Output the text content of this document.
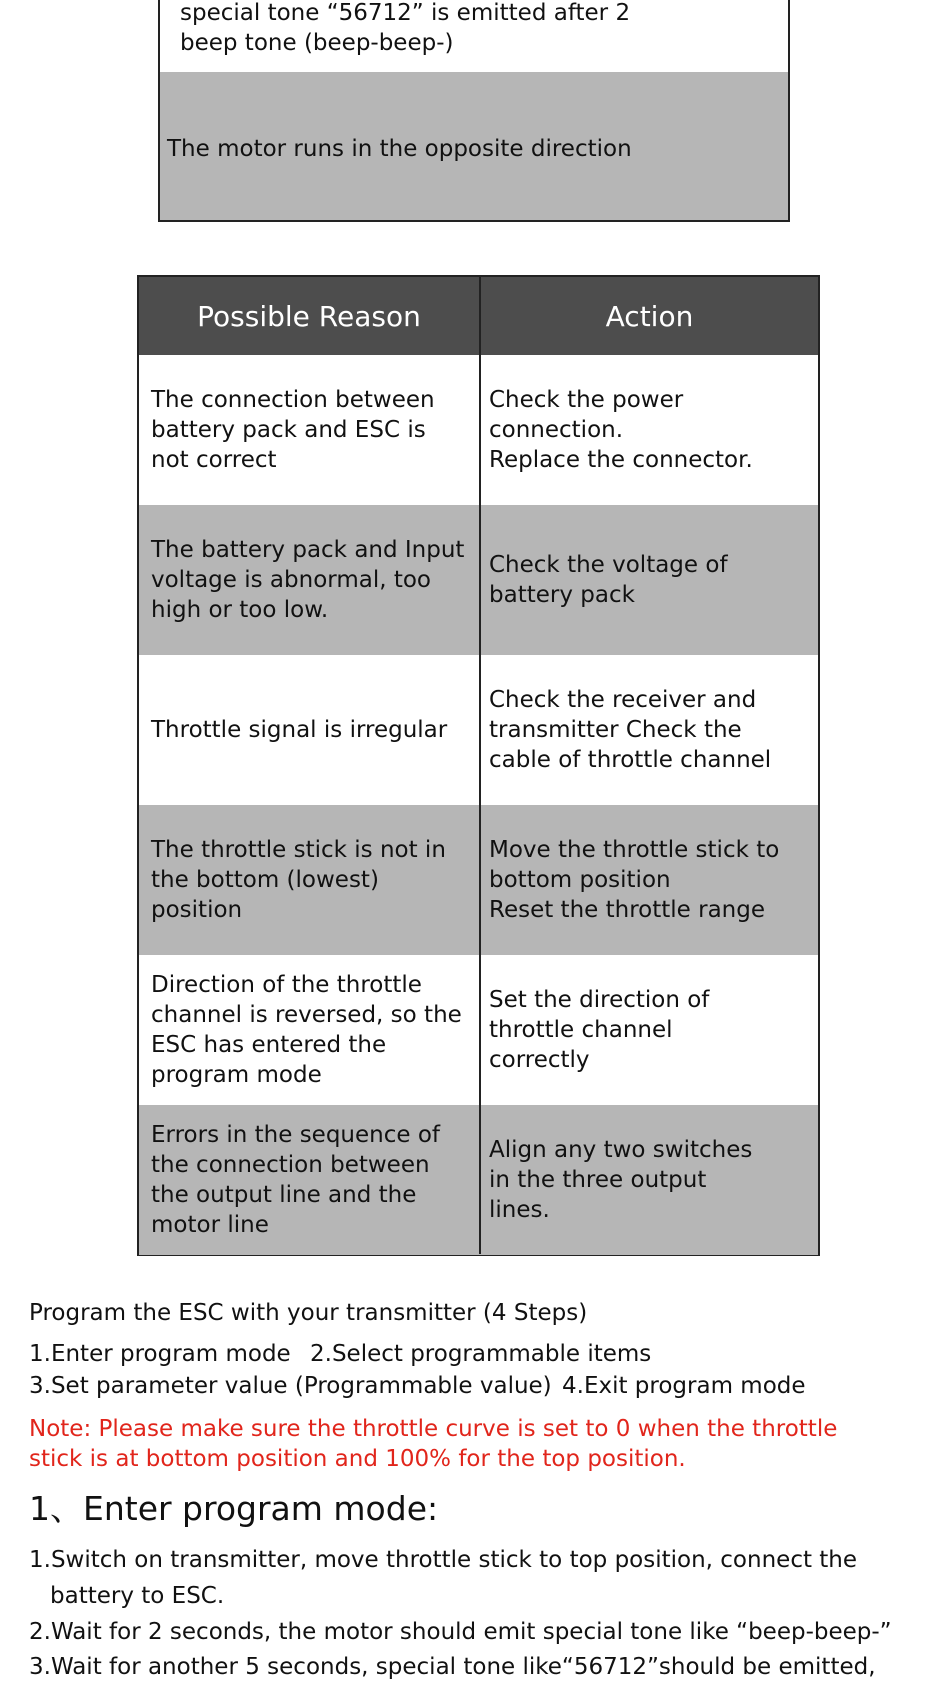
special tone “56712” is emitted after 2
beep tone (beep-beep-)
The motor runs in the opposite direction
Possible Reason	Action
The connection between
battery pack and ESC is
not correct
Check the power
connection.
Replace the connector.
The battery pack and Input
voltage is abnormal, too
high or too low.
Check the voltage of
battery pack
Throttle signal is irregular
Check the receiver and
transmitter Check the
cable of throttle channel
The throttle stick is not in
the bottom (lowest)
position
Move the throttle stick to
bottom position
Reset the throttle range
Direction of the throttle
channel is reversed, so the
ESC has entered the
program mode
Set the direction of
throttle channel
correctly
Errors in the sequence of
the connection between
the output line and the
motor line
Align any two switches
in the three output
lines.
Program the ESC with your transmitter (4 Steps)
1.Enter program mode 2.Select programmable items
3.Set parameter value (Programmable value) 4.Exit program mode
Note: Please make sure the throttle curve is set to 0 when the throttle stick is at bottom position and 100% for the top position.
1、Enter program mode:
1.Switch on transmitter, move throttle stick to top position, connect the
battery to ESC.
2.Wait for 2 seconds, the motor should emit special tone like “beep-beep-”
3.Wait for another 5 seconds, special tone like“56712”should be emitted,
